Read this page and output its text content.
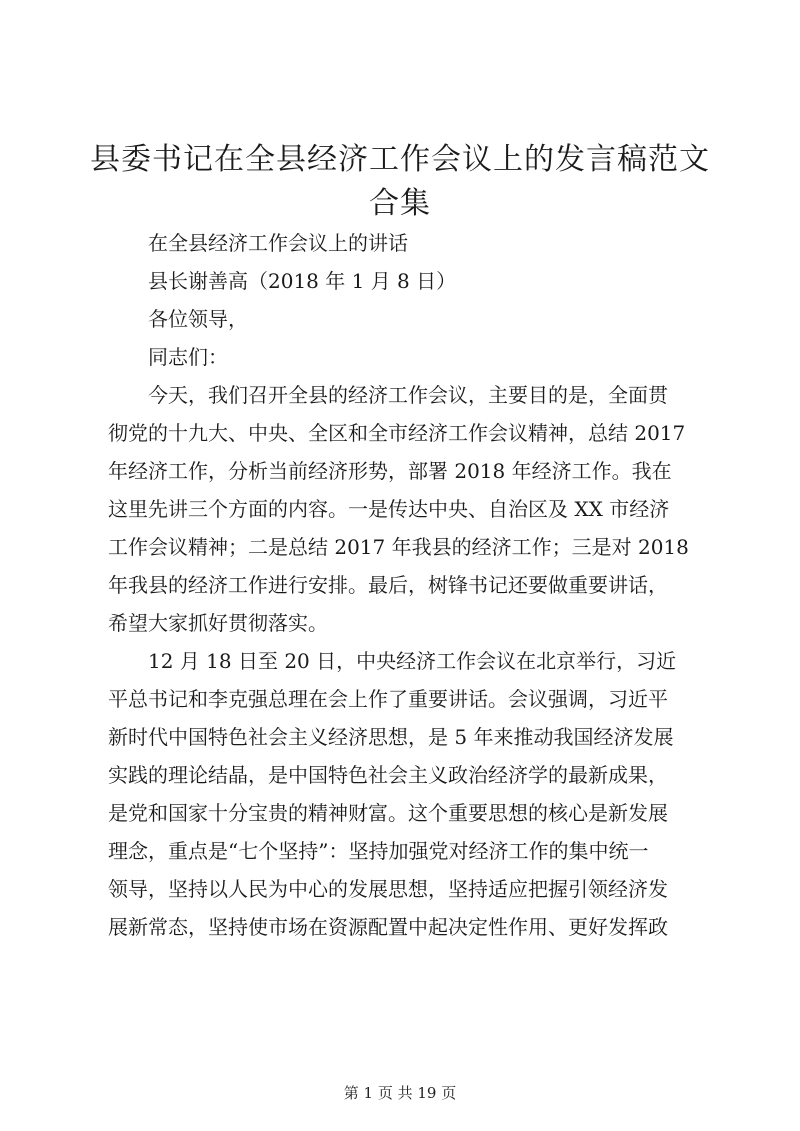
县委书记在全县经济工作会议上的发言稿范文
合集
在全县经济工作会议上的讲话
县长谢善高（2018 年 1 月 8 日）
各位领导，
同志们：
今天，我们召开全县的经济工作会议，主要目的是，全面贯
彻党的十九大、中央、全区和全市经济工作会议精神，总结 2017
年经济工作，分析当前经济形势，部署 2018 年经济工作。我在
这里先讲三个方面的内容。一是传达中央、自治区及 XX 市经济
工作会议精神；二是总结 2017 年我县的经济工作；三是对 2018
年我县的经济工作进行安排。最后，树锋书记还要做重要讲话，
希望大家抓好贯彻落实。
12 月 18 日至 20 日，中央经济工作会议在北京举行，习近
平总书记和李克强总理在会上作了重要讲话。会议强调，习近平
新时代中国特色社会主义经济思想，是 5 年来推动我国经济发展
实践的理论结晶，是中国特色社会主义政治经济学的最新成果，
是党和国家十分宝贵的精神财富。这个重要思想的核心是新发展
理念，重点是“七个坚持”：坚持加强党对经济工作的集中统一
领导，坚持以人民为中心的发展思想，坚持适应把握引领经济发
展新常态，坚持使市场在资源配置中起决定性作用、更好发挥政
第 1 页 共 19 页
